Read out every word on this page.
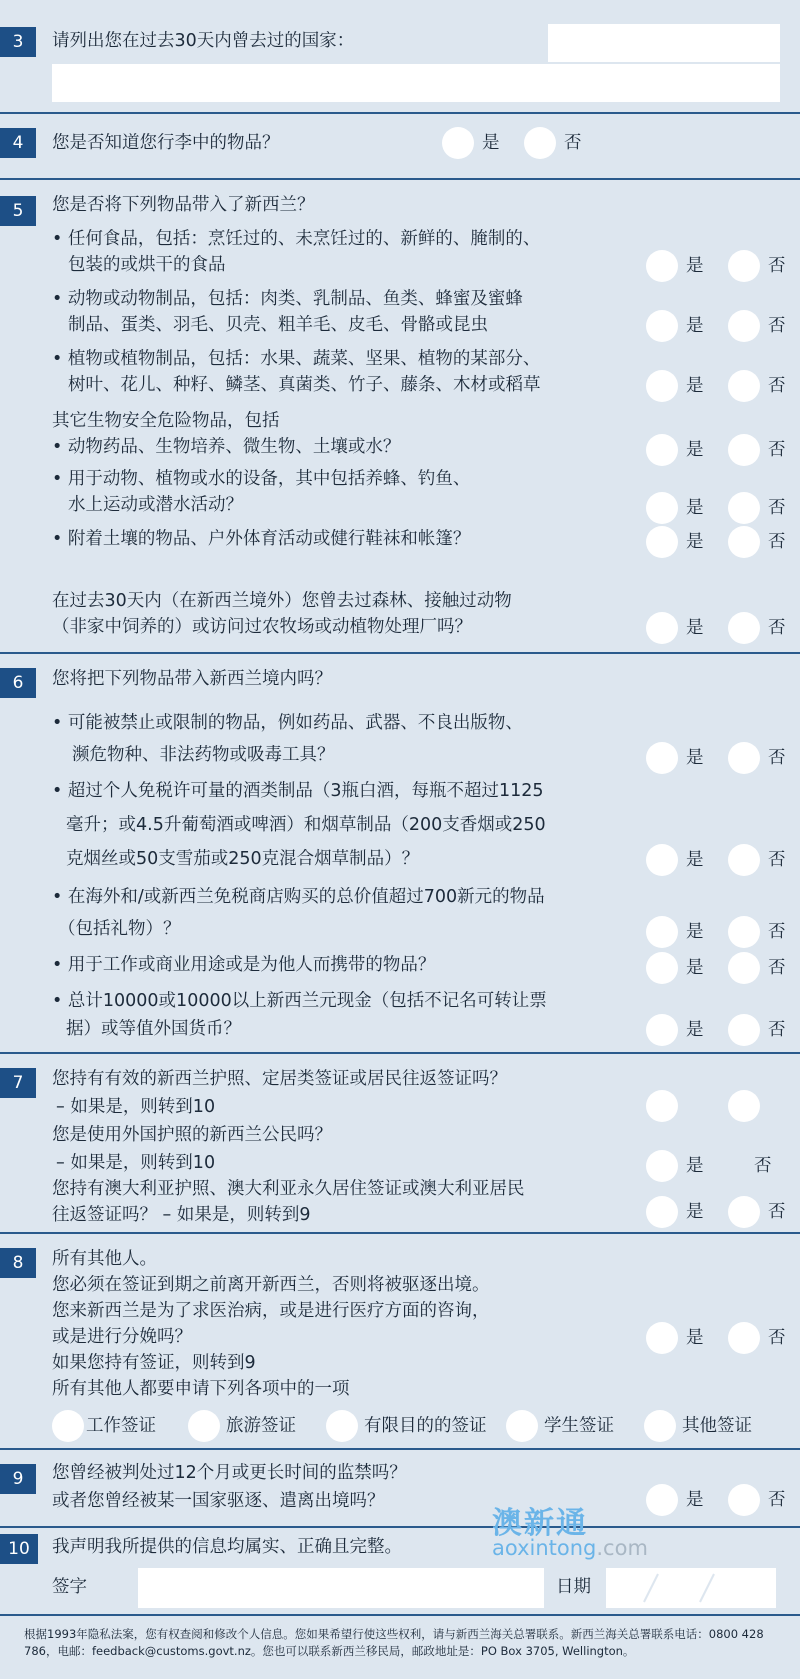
3	请列出您在过去30天内曾去过的国家：
4	您是否知道您行李中的物品？	是	否
5	您是否将下列物品带入了新西兰？
• 任何食品，包括：烹饪过的、未烹饪过的、新鲜的、腌制的、
包装的或烘干的食品	是	否
• 动物或动物制品，包括：肉类、乳制品、鱼类、蜂蜜及蜜蜂
制品、蛋类、羽毛、贝壳、粗羊毛、皮毛、骨骼或昆虫	是	否
• 植物或植物制品，包括：水果、蔬菜、坚果、植物的某部分、
树叶、花儿、种籽、鳞茎、真菌类、竹子、藤条、木材或稻草	是	否
其它生物安全危险物品，包括
• 动物药品、生物培养、微生物、土壤或水？	是	否
• 用于动物、植物或水的设备，其中包括养蜂、钓鱼、
水上运动或潜水活动？	是	否
• 附着土壤的物品、户外体育活动或健行鞋袜和帐篷？	是	否
在过去30天内（在新西兰境外）您曾去过森林、接触过动物
（非家中饲养的）或访问过农牧场或动植物处理厂吗？	是	否
6	您将把下列物品带入新西兰境内吗？
• 可能被禁止或限制的物品，例如药品、武器、不良出版物、
濒危物种、非法药物或吸毒工具？	是	否
• 超过个人免税许可量的酒类制品（3瓶白酒，每瓶不超过1125
毫升；或4.5升葡萄酒或啤酒）和烟草制品（200支香烟或250
克烟丝或50支雪茄或250克混合烟草制品）？	是	否
• 在海外和/或新西兰免税商店购买的总价值超过700新元的物品
（包括礼物）？	是	否
• 用于工作或商业用途或是为他人而携带的物品？	是	否
• 总计10000或10000以上新西兰元现金（包括不记名可转让票
据）或等值外国货币？	是	否
7	您持有有效的新西兰护照、定居类签证或居民往返签证吗？
– 如果是，则转到10
您是使用外国护照的新西兰公民吗？
– 如果是，则转到10	是	否
您持有澳大利亚护照、澳大利亚永久居住签证或澳大利亚居民
往返签证吗？ – 如果是，则转到9	是	否
8	所有其他人。
您必须在签证到期之前离开新西兰，否则将被驱逐出境。
您来新西兰是为了求医治病，或是进行医疗方面的咨询，
或是进行分娩吗？	是	否
如果您持有签证，则转到9
所有其他人都要申请下列各项中的一项
工作签证	旅游签证	有限目的的签证	学生签证	其他签证
9	您曾经被判处过12个月或更长时间的监禁吗？
或者您曾经被某一国家驱逐、遣离出境吗？	是	否
10	我声明我所提供的信息均属实、正确且完整。
签字	日期
澳新通
aoxintong.com
根据1993年隐私法案，您有权查阅和修改个人信息。您如果希望行使这些权利，请与新西兰海关总署联系。新西兰海关总署联系电话：0800 428 786，电邮：feedback@customs.govt.nz。您也可以联系新西兰移民局，邮政地址是：PO Box 3705, Wellington。
